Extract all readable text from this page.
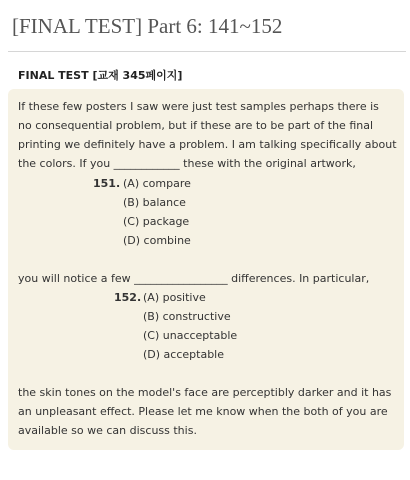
[FINAL TEST] Part 6: 141~152
FINAL TEST [교재 345페이지]
If these few posters I saw were just test samples perhaps there is
no consequential problem, but if these are to be part of the final
printing we definitely have a problem. I am talking specifically about
the colors. If you ____________ these with the original artwork,
151. (A) compare
(B) balance
(C) package
(D) combine
you will notice a few _________________ differences. In particular,
152. (A) positive
(B) constructive
(C) unacceptable
(D) acceptable
the skin tones on the model's face are perceptibly darker and it has
an unpleasant effect. Please let me know when the both of you are
available so we can discuss this.
